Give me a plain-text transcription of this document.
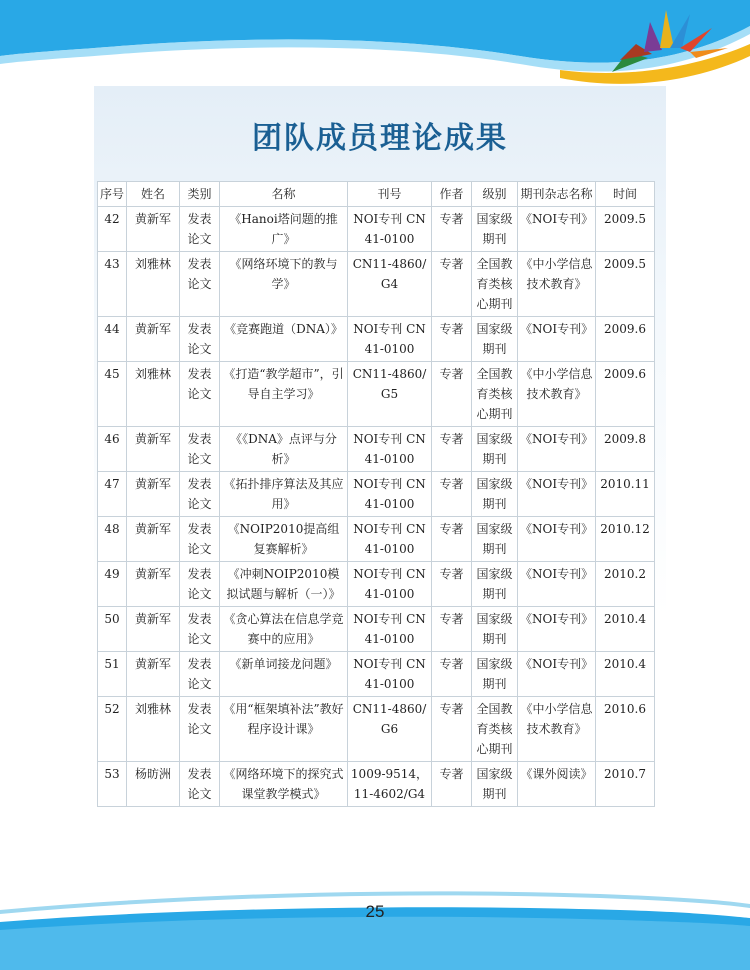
团队成员理论成果
序号	姓名	类别	名称	刊号	作者	级别	期刊杂志名称	时间
42	黄新军	发表论文	《Hanoi塔问题的推广》	NOI专刊 CN41-0100	专著	国家级期刊	《NOI专刊》	2009.5
43	刘雅林	发表论文	《网络环境下的教与学》	CN11-4860/G4	专著	全国教育类核心期刊	《中小学信息技术教育》	2009.5
44	黄新军	发表论文	《竞赛跑道（DNA）》	NOI专刊 CN41-0100	专著	国家级期刊	《NOI专刊》	2009.6
45	刘雅林	发表论文	《打造“教学超市”，引导自主学习》	CN11-4860/G5	专著	全国教育类核心期刊	《中小学信息技术教育》	2009.6
46	黄新军	发表论文	《《DNA》点评与分析》	NOI专刊 CN41-0100	专著	国家级期刊	《NOI专刊》	2009.8
47	黄新军	发表论文	《拓扑排序算法及其应用》	NOI专刊 CN41-0100	专著	国家级期刊	《NOI专刊》	2010.11
48	黄新军	发表论文	《NOIP2010提高组复赛解析》	NOI专刊 CN41-0100	专著	国家级期刊	《NOI专刊》	2010.12
49	黄新军	发表论文	《冲刺NOIP2010模拟试题与解析（一）》	NOI专刊 CN41-0100	专著	国家级期刊	《NOI专刊》	2010.2
50	黄新军	发表论文	《贪心算法在信息学竞赛中的应用》	NOI专刊 CN41-0100	专著	国家级期刊	《NOI专刊》	2010.4
51	黄新军	发表论文	《新单词接龙问题》	NOI专刊 CN41-0100	专著	国家级期刊	《NOI专刊》	2010.4
52	刘雅林	发表论文	《用“框架填补法”教好程序设计课》	CN11-4860/G6	专著	全国教育类核心期刊	《中小学信息技术教育》	2010.6
53	杨昉洲	发表论文	《网络环境下的探究式课堂教学模式》	1009-9514，11-4602/G4	专著	国家级期刊	《课外阅读》	2010.7
25
